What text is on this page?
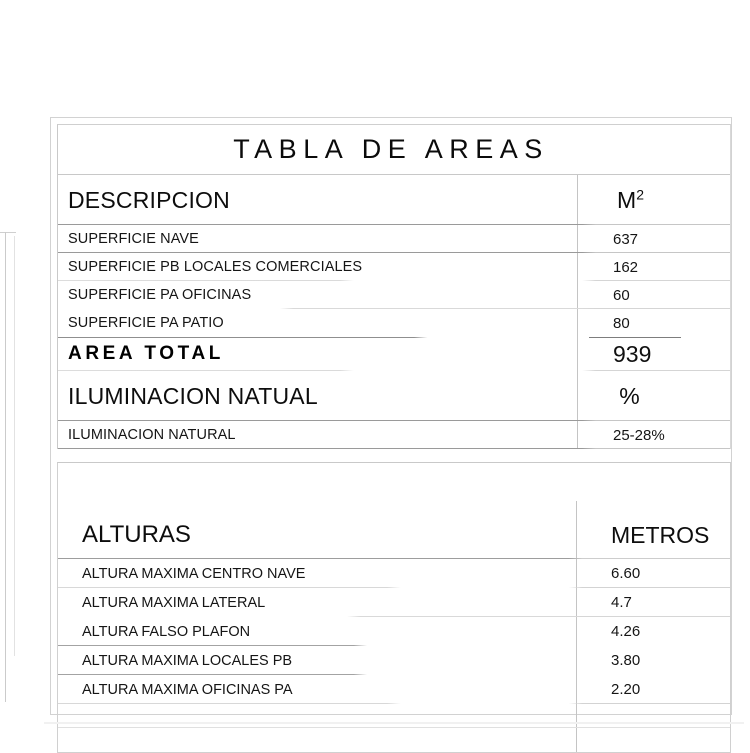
TABLA DE AREAS
DESCRIPCION	$M^2$
SUPERFICIE NAVE	637
SUPERFICIE PB LOCALES COMERCIALES	162
SUPERFICIE PA OFICINAS	60
SUPERFICIE PA PATIO	80
AREA TOTAL	939
ILUMINACION NATUAL	%
ILUMINACION NATURAL	25-28%
ALTURAS	METROS
ALTURA MAXIMA CENTRO NAVE	6.60
ALTURA MAXIMA LATERAL	4.7
ALTURA FALSO PLAFON	4.26
ALTURA MAXIMA LOCALES PB	3.80
ALTURA MAXIMA OFICINAS PA	2.20
